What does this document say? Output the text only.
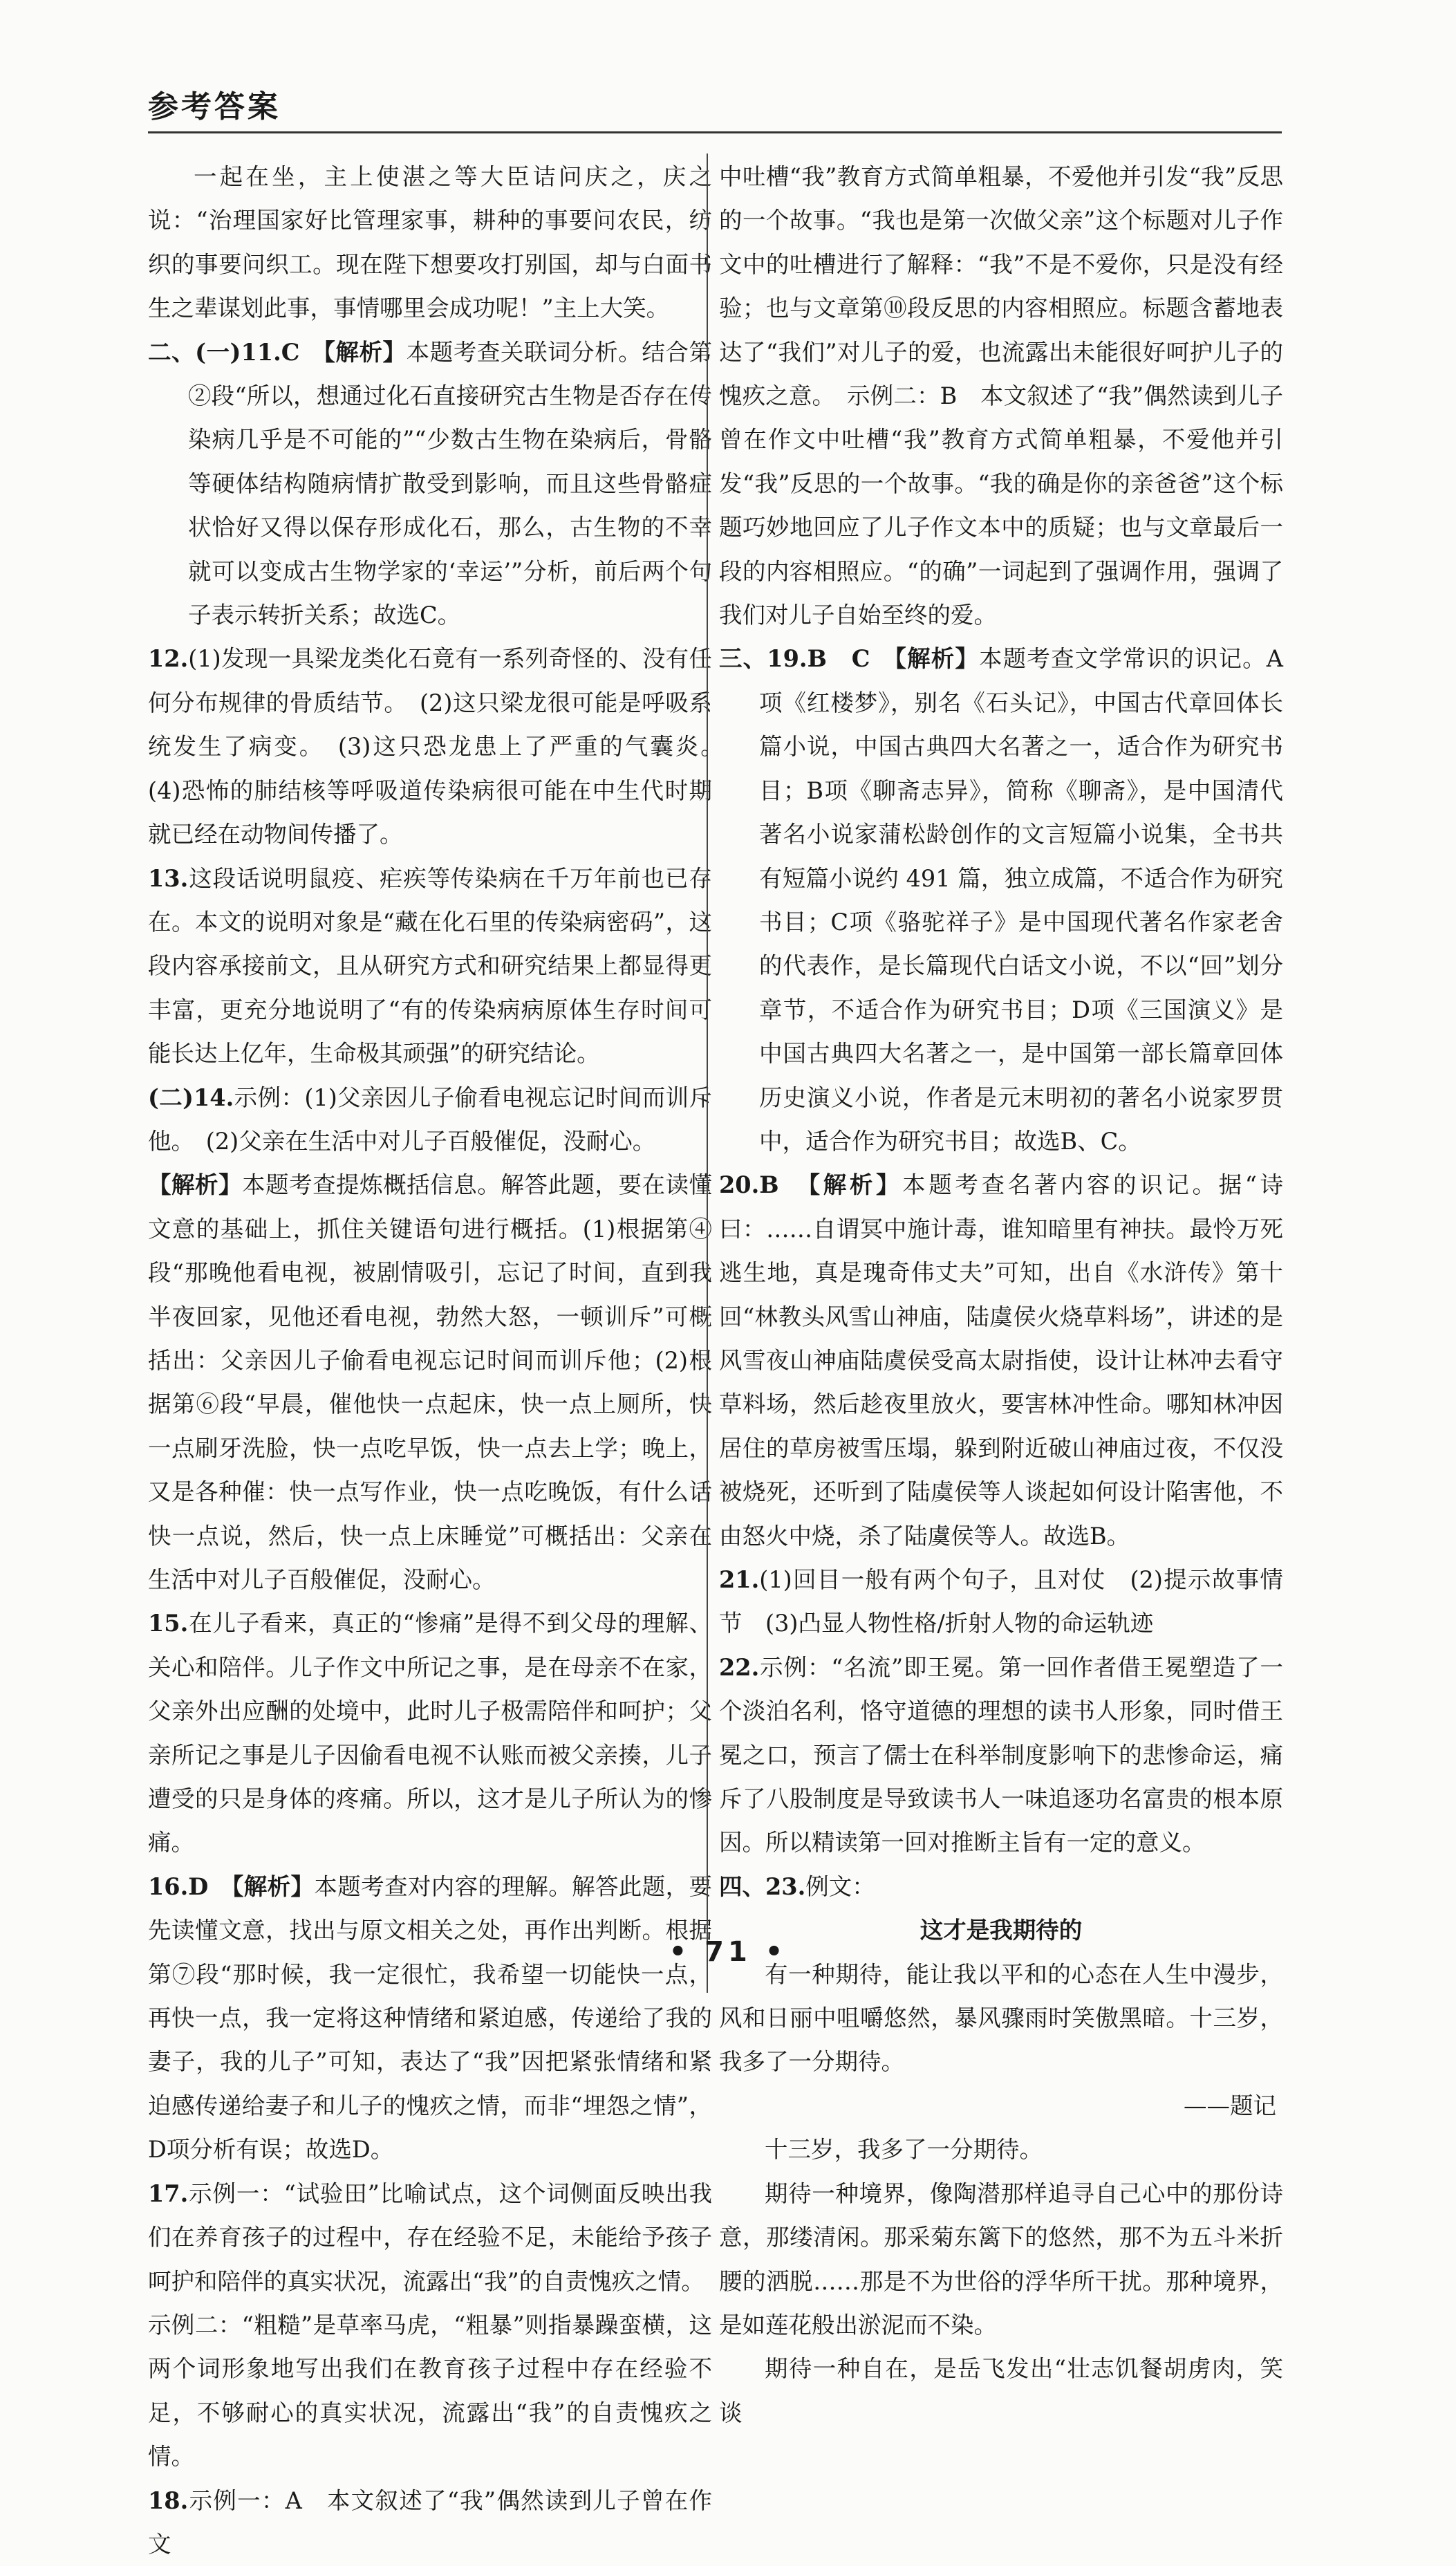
参考答案

一起在坐，主上使湛之等大臣诘问庆之，庆之说：“治理国家好比管理家事，耕种的事要问农民，纺织的事要问织工。现在陛下想要攻打别国，却与白面书生之辈谋划此事，事情哪里会成功呢！”主上大笑。

二、(一)11.C　【解析】本题考查关联词分析。结合第②段“所以，想通过化石直接研究古生物是否存在传染病几乎是不可能的”“少数古生物在染病后，骨骼等硬体结构随病情扩散受到影响，而且这些骨骼症状恰好又得以保存形成化石，那么，古生物的不幸就可以变成古生物学家的‘幸运’”分析，前后两个句子表示转折关系；故选C。

12.(1)发现一具梁龙类化石竟有一系列奇怪的、没有任何分布规律的骨质结节。　(2)这只梁龙很可能是呼吸系统发生了病变。　(3)这只恐龙患上了严重的气囊炎。　(4)恐怖的肺结核等呼吸道传染病很可能在中生代时期就已经在动物间传播了。

13.这段话说明鼠疫、疟疾等传染病在千万年前也已存在。本文的说明对象是“藏在化石里的传染病密码”，这段内容承接前文，且从研究方式和研究结果上都显得更丰富，更充分地说明了“有的传染病病原体生存时间可能长达上亿年，生命极其顽强”的研究结论。

(二)14.示例：(1)父亲因儿子偷看电视忘记时间而训斥他。　(2)父亲在生活中对儿子百般催促，没耐心。

【解析】本题考查提炼概括信息。解答此题，要在读懂文意的基础上，抓住关键语句进行概括。(1)根据第④段“那晚他看电视，被剧情吸引，忘记了时间，直到我半夜回家，见他还看电视，勃然大怒，一顿训斥”可概括出：父亲因儿子偷看电视忘记时间而训斥他；(2)根据第⑥段“早晨，催他快一点起床，快一点上厕所，快一点刷牙洗脸，快一点吃早饭，快一点去上学；晚上，又是各种催：快一点写作业，快一点吃晚饭，有什么话快一点说，然后，快一点上床睡觉”可概括出：父亲在生活中对儿子百般催促，没耐心。

15.在儿子看来，真正的“惨痛”是得不到父母的理解、关心和陪伴。儿子作文中所记之事，是在母亲不在家，父亲外出应酬的处境中，此时儿子极需陪伴和呵护；父亲所记之事是儿子因偷看电视不认账而被父亲揍，儿子遭受的只是身体的疼痛。所以，这才是儿子所认为的惨痛。

16.D　【解析】本题考查对内容的理解。解答此题，要先读懂文意，找出与原文相关之处，再作出判断。根据第⑦段“那时候，我一定很忙，我希望一切能快一点，再快一点，我一定将这种情绪和紧迫感，传递给了我的妻子，我的儿子”可知，表达了“我”因把紧张情绪和紧迫感传递给妻子和儿子的愧疚之情，而非“埋怨之情”，D项分析有误；故选D。

17.示例一：“试验田”比喻试点，这个词侧面反映出我们在养育孩子的过程中，存在经验不足，未能给予孩子呵护和陪伴的真实状况，流露出“我”的自责愧疚之情。

示例二：“粗糙”是草率马虎，“粗暴”则指暴躁蛮横，这两个词形象地写出我们在教育孩子过程中存在经验不足，不够耐心的真实状况，流露出“我”的自责愧疚之情。

18.示例一：A　本文叙述了“我”偶然读到儿子曾在作文

中吐槽“我”教育方式简单粗暴，不爱他并引发“我”反思的一个故事。“我也是第一次做父亲”这个标题对儿子作文中的吐槽进行了解释：“我”不是不爱你，只是没有经验；也与文章第⑩段反思的内容相照应。标题含蓄地表达了“我们”对儿子的爱，也流露出未能很好呵护儿子的愧疚之意。　示例二：B　本文叙述了“我”偶然读到儿子曾在作文中吐槽“我”教育方式简单粗暴，不爱他并引发“我”反思的一个故事。“我的确是你的亲爸爸”这个标题巧妙地回应了儿子作文本中的质疑；也与文章最后一段的内容相照应。“的确”一词起到了强调作用，强调了我们对儿子自始至终的爱。

三、19.B　C　【解析】本题考查文学常识的识记。A项《红楼梦》，别名《石头记》，中国古代章回体长篇小说，中国古典四大名著之一，适合作为研究书目；B项《聊斋志异》，简称《聊斋》，是中国清代著名小说家蒲松龄创作的文言短篇小说集，全书共有短篇小说约 491 篇，独立成篇，不适合作为研究书目；C项《骆驼祥子》是中国现代著名作家老舍的代表作，是长篇现代白话文小说，不以“回”划分章节，不适合作为研究书目；D项《三国演义》是中国古典四大名著之一，是中国第一部长篇章回体历史演义小说，作者是元末明初的著名小说家罗贯中，适合作为研究书目；故选B、C。

20.B　【解析】本题考查名著内容的识记。据“诗曰：……自谓冥中施计毒，谁知暗里有神扶。最怜万死逃生地，真是瑰奇伟丈夫”可知，出自《水浒传》第十回“林教头风雪山神庙，陆虞侯火烧草料场”，讲述的是风雪夜山神庙陆虞侯受高太尉指使，设计让林冲去看守草料场，然后趁夜里放火，要害林冲性命。哪知林冲因居住的草房被雪压塌，躲到附近破山神庙过夜，不仅没被烧死，还听到了陆虞侯等人谈起如何设计陷害他，不由怒火中烧，杀了陆虞侯等人。故选B。

21.(1)回目一般有两个句子，且对仗　(2)提示故事情节　(3)凸显人物性格/折射人物的命运轨迹

22.示例：“名流”即王冕。第一回作者借王冕塑造了一个淡泊名利，恪守道德的理想的读书人形象，同时借王冕之口，预言了儒士在科举制度影响下的悲惨命运，痛斥了八股制度是导致读书人一味追逐功名富贵的根本原因。所以精读第一回对推断主旨有一定的意义。

四、23.例文：

这才是我期待的

有一种期待，能让我以平和的心态在人生中漫步，风和日丽中咀嚼悠然，暴风骤雨时笑傲黑暗。十三岁，我多了一分期待。

——题记

十三岁，我多了一分期待。

期待一种境界，像陶潜那样追寻自己心中的那份诗意，那缕清闲。那采菊东篱下的悠然，那不为五斗米折腰的洒脱……那是不为世俗的浮华所干扰。那种境界，是如莲花般出淤泥而不染。

期待一种自在，是岳飞发出“壮志饥餐胡虏肉，笑谈

• 71 •
